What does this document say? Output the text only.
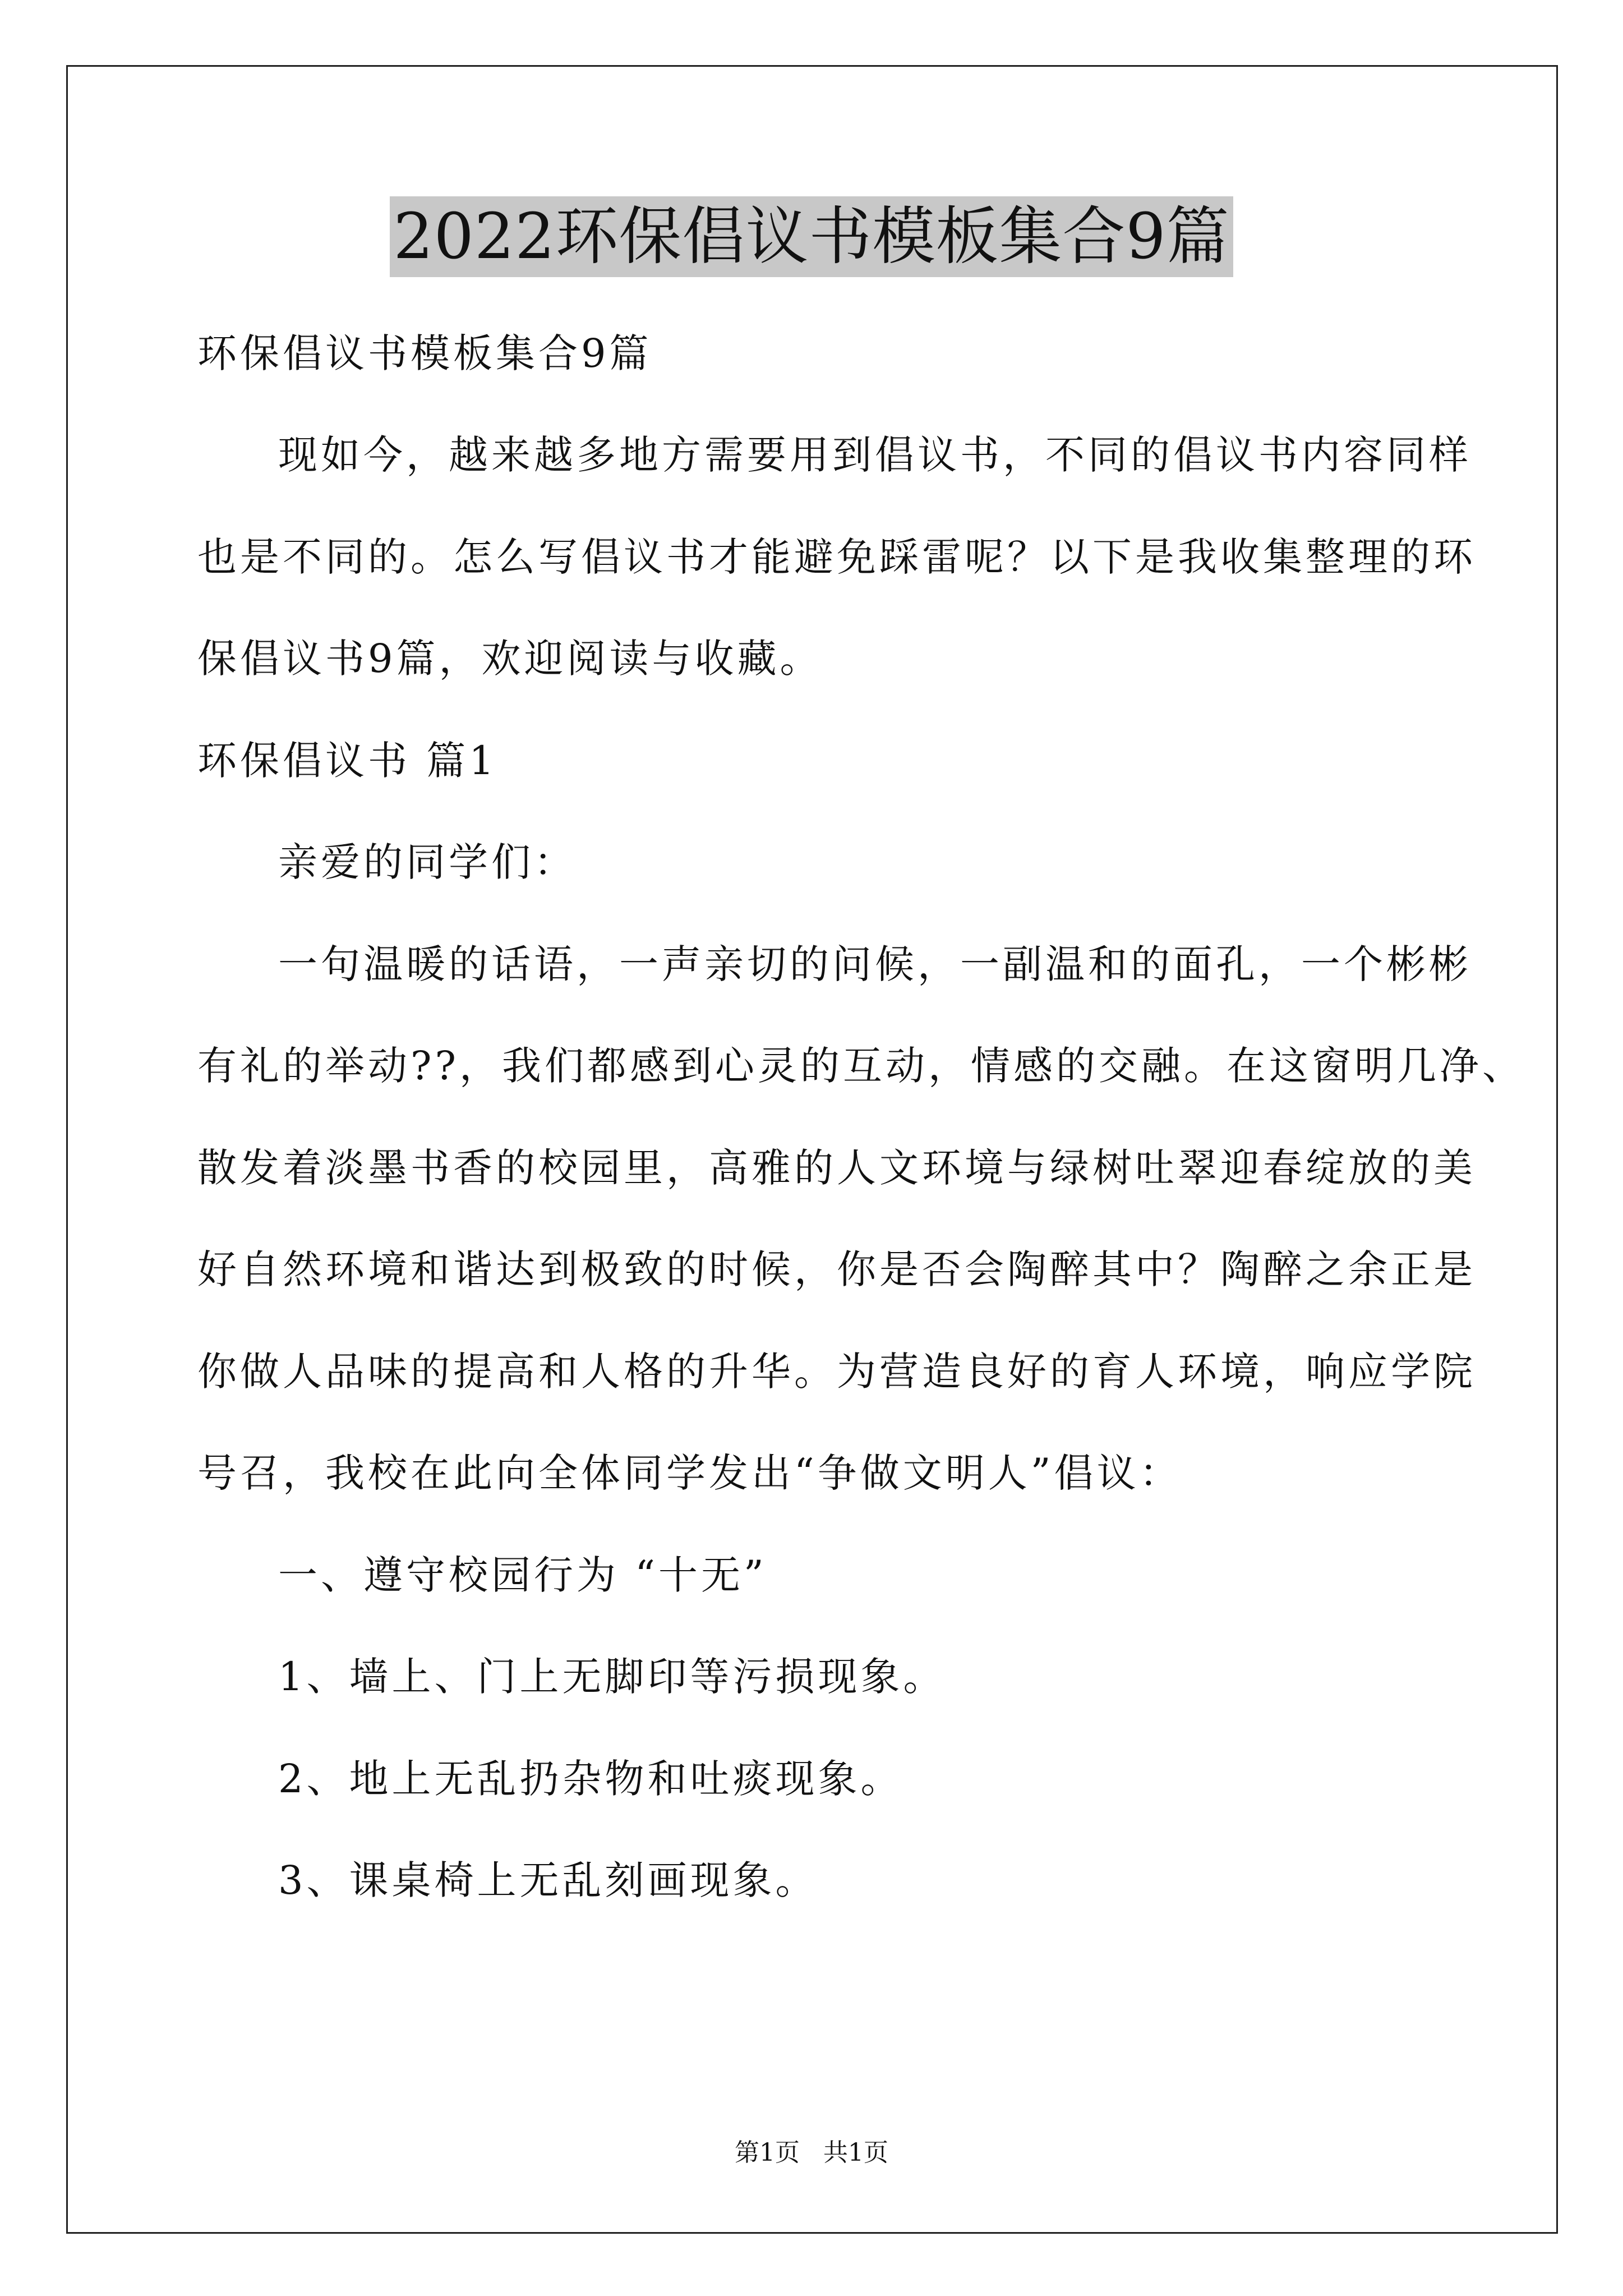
2022环保倡议书模板集合9篇

环保倡议书模板集合9篇

现如今，越来越多地方需要用到倡议书，不同的倡议书内容同样

也是不同的。怎么写倡议书才能避免踩雷呢？以下是我收集整理的环

保倡议书9篇，欢迎阅读与收藏。

环保倡议书 篇1

亲爱的同学们：

一句温暖的话语，一声亲切的问候，一副温和的面孔，一个彬彬

有礼的举动??，我们都感到心灵的互动，情感的交融。在这窗明几净、

散发着淡墨书香的校园里，高雅的人文环境与绿树吐翠迎春绽放的美

好自然环境和谐达到极致的时候，你是否会陶醉其中？陶醉之余正是

你做人品味的提高和人格的升华。为营造良好的育人环境，响应学院

号召，我校在此向全体同学发出“争做文明人”倡议：

一、遵守校园行为 “十无”

1、墙上、门上无脚印等污损现象。

2、地上无乱扔杂物和吐痰现象。

3、课桌椅上无乱刻画现象。

第1页 共1页
